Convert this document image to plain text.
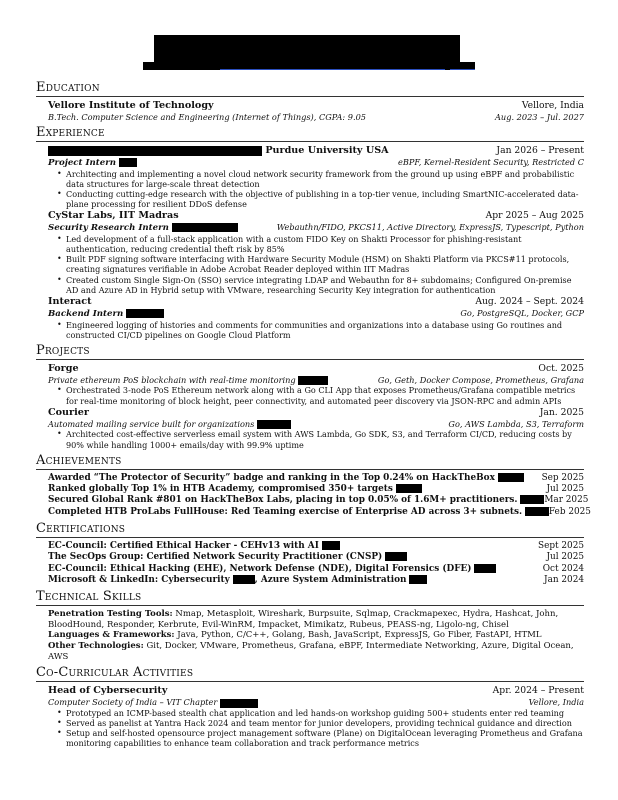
Education
Vellore Institute of Technology	Vellore, India
B.Tech. Computer Science and Engineering (Internet of Things), CGPA: 9.05	Aug. 2023 – Jul. 2027
Experience
Purdue University USA	Jan 2026 – Present
Project Intern	eBPF, Kernel-Resident Security, Restricted C
• Architecting and implementing a novel cloud network security framework from the ground up using eBPF and probabilistic data structures for large-scale threat detection
• Conducting cutting-edge research with the objective of publishing in a top-tier venue, including SmartNIC-accelerated data-plane processing for resilient DDoS defense
CyStar Labs, IIT Madras	Apr 2025 – Aug 2025
Security Research Intern	Webauthn/FIDO, PKCS11, Active Directory, ExpressJS, Typescript, Python
• Led development of a full-stack application with a custom FIDO Key on Shakti Processor for phishing-resistant authentication, reducing credential theft risk by 85%
• Built PDF signing software interfacing with Hardware Security Module (HSM) on Shakti Platform via PKCS#11 protocols, creating signatures verifiable in Adobe Acrobat Reader deployed within IIT Madras
• Created custom Single Sign-On (SSO) service integrating LDAP and Webauthn for 8+ subdomains; Configured On-premise AD and Azure AD in Hybrid setup with VMware, researching Security Key integration for authentication
Interact	Aug. 2024 – Sept. 2024
Backend Intern	Go, PostgreSQL, Docker, GCP
• Engineered logging of histories and comments for communities and organizations into a database using Go routines and constructed CI/CD pipelines on Google Cloud Platform
Projects
Forge	Oct. 2025
Private ethereum PoS blockchain with real-time monitoring	Go, Geth, Docker Compose, Prometheus, Grafana
• Orchestrated 3-node PoS Ethereum network along with a Go CLI App that exposes Prometheus/Grafana compatible metrics for real-time monitoring of block height, peer connectivity, and automated peer discovery via JSON-RPC and admin APIs
Courier	Jan. 2025
Automated mailing service built for organizations	Go, AWS Lambda, S3, Terraform
• Architected cost-effective serverless email system with AWS Lambda, Go SDK, S3, and Terraform CI/CD, reducing costs by 90% while handling 1000+ emails/day with 99.9% uptime
Achievements
Awarded “The Protector of Security” badge and ranking in the Top 0.24% on HackTheBox	Sep 2025
Ranked globally Top 1% in HTB Academy, compromised 350+ targets	Jul 2025
Secured Global Rank #801 on HackTheBox Labs, placing in top 0.05% of 1.6M+ practitioners.	Mar 2025
Completed HTB ProLabs FullHouse: Red Teaming exercise of Enterprise AD across 3+ subnets.	Feb 2025
Certifications
EC-Council: Certified Ethical Hacker - CEHv13 with AI	Sept 2025
The SecOps Group: Certified Network Security Practitioner (CNSP)	Jul 2025
EC-Council: Ethical Hacking (EHE), Network Defense (NDE), Digital Forensics (DFE)	Oct 2024
Microsoft & LinkedIn: Cybersecurity	, Azure System Administration	Jan 2024
Technical Skills
Penetration Testing Tools: Nmap, Metasploit, Wireshark, Burpsuite, Sqlmap, Crackmapexec, Hydra, Hashcat, John, BloodHound, Responder, Kerbrute, Evil-WinRM, Impacket, Mimikatz, Rubeus, PEASS-ng, Ligolo-ng, Chisel
Languages & Frameworks: Java, Python, C/C++, Golang, Bash, JavaScript, ExpressJS, Go Fiber, FastAPI, HTML
Other Technologies: Git, Docker, VMware, Prometheus, Grafana, eBPF, Intermediate Networking, Azure, Digital Ocean, AWS
Co-Curricular Activities
Head of Cybersecurity	Apr. 2024 – Present
Computer Society of India – VIT Chapter	Vellore, India
• Prototyped an ICMP-based stealth chat application and led hands-on workshop guiding 500+ students enter red teaming
• Served as panelist at Yantra Hack 2024 and team mentor for junior developers, providing technical guidance and direction
• Setup and self-hosted opensource project management software (Plane) on DigitalOcean leveraging Prometheus and Grafana monitoring capabilities to enhance team collaboration and track performance metrics
